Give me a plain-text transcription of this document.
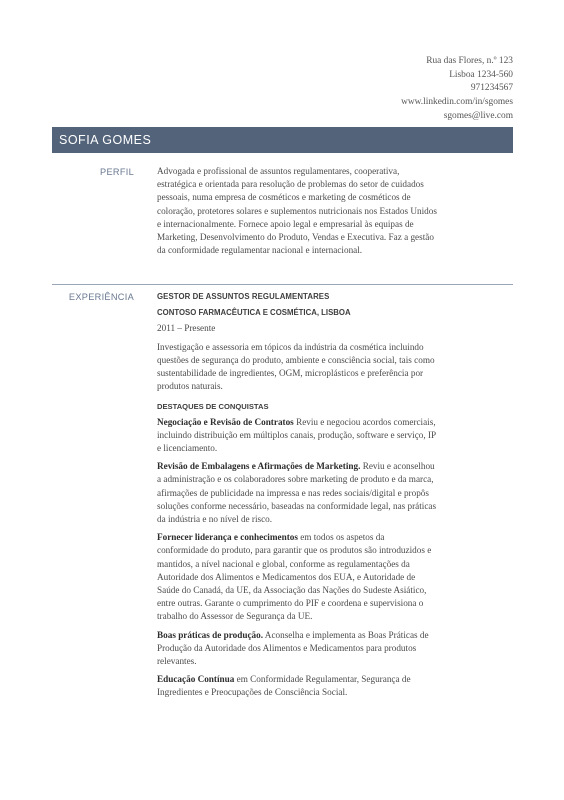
Rua das Flores, n.º 123
Lisboa 1234-560
971234567
www.linkedin.com/in/sgomes
sgomes@live.com
SOFIA GOMES
PERFIL	Advogada e profissional de assuntos regulamentares, cooperativa, estratégica e orientada para resolução de problemas do setor de cuidados pessoais, numa empresa de cosméticos e marketing de cosméticos de coloração, protetores solares e suplementos nutricionais nos Estados Unidos e internacionalmente. Fornece apoio legal e empresarial às equipas de Marketing, Desenvolvimento do Produto, Vendas e Executiva. Faz a gestão da conformidade regulamentar nacional e internacional.
EXPERIÊNCIA	GESTOR DE ASSUNTOS REGULAMENTARES
CONTOSO FARMACÊUTICA E COSMÉTICA, LISBOA
2011 – Presente
Investigação e assessoria em tópicos da indústria da cosmética incluindo questões de segurança do produto, ambiente e consciência social, tais como sustentabilidade de ingredientes, OGM, microplásticos e preferência por produtos naturais.
DESTAQUES DE CONQUISTAS
Negociação e Revisão de Contratos Reviu e negociou acordos comerciais, incluindo distribuição em múltiplos canais, produção, software e serviço, IP e licenciamento.
Revisão de Embalagens e Afirmações de Marketing. Reviu e aconselhou a administração e os colaboradores sobre marketing de produto e da marca, afirmações de publicidade na impressa e nas redes sociais/digital e propôs soluções conforme necessário, baseadas na conformidade legal, nas práticas da indústria e no nível de risco.
Fornecer liderança e conhecimentos em todos os aspetos da conformidade do produto, para garantir que os produtos são introduzidos e mantidos, a nível nacional e global, conforme as regulamentações da Autoridade dos Alimentos e Medicamentos dos EUA, e Autoridade de Saúde do Canadá, da UE, da Associação das Nações do Sudeste Asiático, entre outras. Garante o cumprimento do PIF e coordena e supervisiona o trabalho do Assessor de Segurança da UE.
Boas práticas de produção. Aconselha e implementa as Boas Práticas de Produção da Autoridade dos Alimentos e Medicamentos para produtos relevantes.
Educação Contínua em Conformidade Regulamentar, Segurança de Ingredientes e Preocupações de Consciência Social.
